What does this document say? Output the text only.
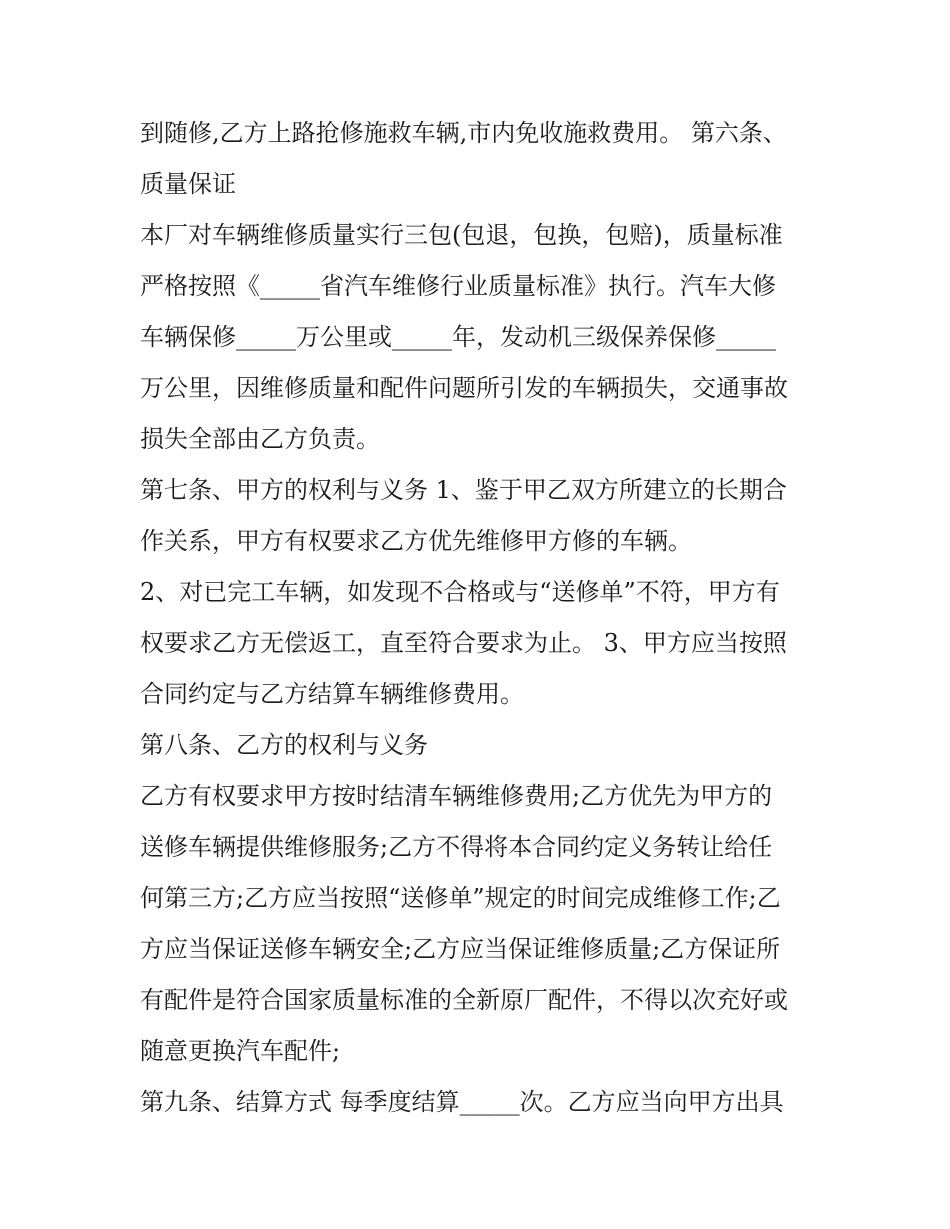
到随修,乙方上路抢修施救车辆,市内免收施救费用。 第六条、
质量保证
本厂对车辆维修质量实行三包(包退，包换，包赔)，质量标准
严格按照《_____省汽车维修行业质量标准》执行。汽车大修
车辆保修_____万公里或_____年，发动机三级保养保修_____
万公里，因维修质量和配件问题所引发的车辆损失，交通事故
损失全部由乙方负责。
第七条、甲方的权利与义务 1、鉴于甲乙双方所建立的长期合
作关系，甲方有权要求乙方优先维修甲方修的车辆。
2、对已完工车辆，如发现不合格或与“送修单”不符，甲方有
权要求乙方无偿返工，直至符合要求为止。 3、甲方应当按照
合同约定与乙方结算车辆维修费用。
第八条、乙方的权利与义务
乙方有权要求甲方按时结清车辆维修费用;乙方优先为甲方的
送修车辆提供维修服务;乙方不得将本合同约定义务转让给任
何第三方;乙方应当按照“送修单”规定的时间完成维修工作;乙
方应当保证送修车辆安全;乙方应当保证维修质量;乙方保证所
有配件是符合国家质量标准的全新原厂配件，不得以次充好或
随意更换汽车配件;
第九条、结算方式 每季度结算_____次。乙方应当向甲方出具
